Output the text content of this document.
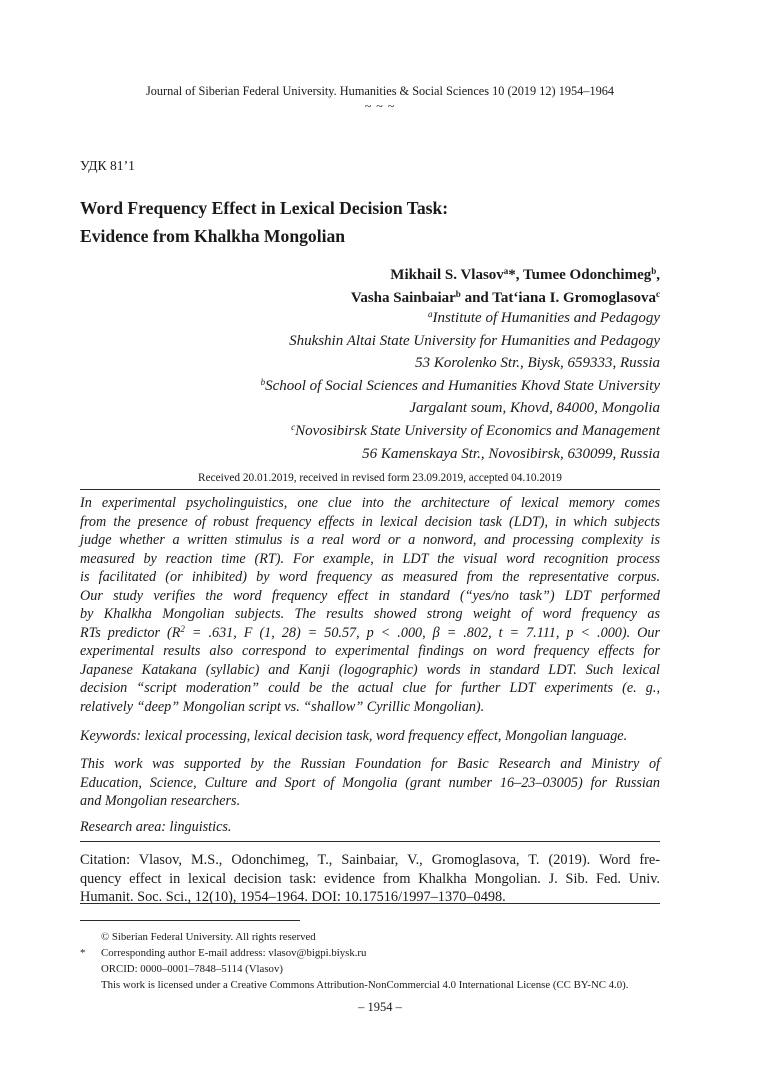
Journal of Siberian Federal University. Humanities & Social Sciences 10 (2019 12) 1954–1964
~ ~ ~
УДК 81’1
Word Frequency Effect in Lexical Decision Task:
Evidence from Khalkha Mongolian
Mikhail S. Vlasov$^a$*, Tumee Odonchimeg$^b$,
Vasha Sainbaiar$^b$ and Tat‘iana I. Gromoglasova$^c$
$^a$Institute of Humanities and Pedagogy
Shukshin Altai State University for Humanities and Pedagogy
53 Korolenko Str., Biysk, 659333, Russia
$^b$School of Social Sciences and Humanities Khovd State University
Jargalant soum, Khovd, 84000, Mongolia
$^c$Novosibirsk State University of Economics and Management
56 Kamenskaya Str., Novosibirsk, 630099, Russia
Received 20.01.2019, received in revised form 23.09.2019, accepted 04.10.2019
In experimental psycholinguistics, one clue into the architecture of lexical memory comes
from the presence of robust frequency effects in lexical decision task (LDT), in which subjects
judge whether a written stimulus is a real word or a nonword, and processing complexity is
measured by reaction time (RT). For example, in LDT the visual word recognition process
is facilitated (or inhibited) by word frequency as measured from the representative corpus.
Our study verifies the word frequency effect in standard (“yes/no task”) LDT performed
by Khalkha Mongolian subjects. The results showed strong weight of word frequency as
RTs predictor ($R^2 = .631$, F (1, 28) = 50.57, p < .000, β = .802, t = 7.111, p < .000). Our
experimental results also correspond to experimental findings on word frequency effects for
Japanese Katakana (syllabic) and Kanji (logographic) words in standard LDT. Such lexical
decision “script moderation” could be the actual clue for further LDT experiments (e. g.,
relatively “deep” Mongolian script vs. “shallow” Cyrillic Mongolian).
Keywords: lexical processing, lexical decision task, word frequency effect, Mongolian language.
This work was supported by the Russian Foundation for Basic Research and Ministry of
Education, Science, Culture and Sport of Mongolia (grant number 16–23–03005) for Russian
and Mongolian researchers.
Research area: linguistics.
Citation: Vlasov, M.S., Odonchimeg, T., Sainbaiar, V., Gromoglasova, T. (2019). Word fre-
quency effect in lexical decision task: evidence from Khalkha Mongolian. J. Sib. Fed. Univ.
Humanit. Soc. Sci., 12(10), 1954–1964. DOI: 10.17516/1997–1370–0498.
© Siberian Federal University. All rights reserved
* Corresponding author E-mail address: vlasov@bigpi.biysk.ru
ORCID: 0000–0001–7848–5114 (Vlasov)
This work is licensed under a Creative Commons Attribution-NonCommercial 4.0 International License (CC BY-NC 4.0).
– 1954 –
